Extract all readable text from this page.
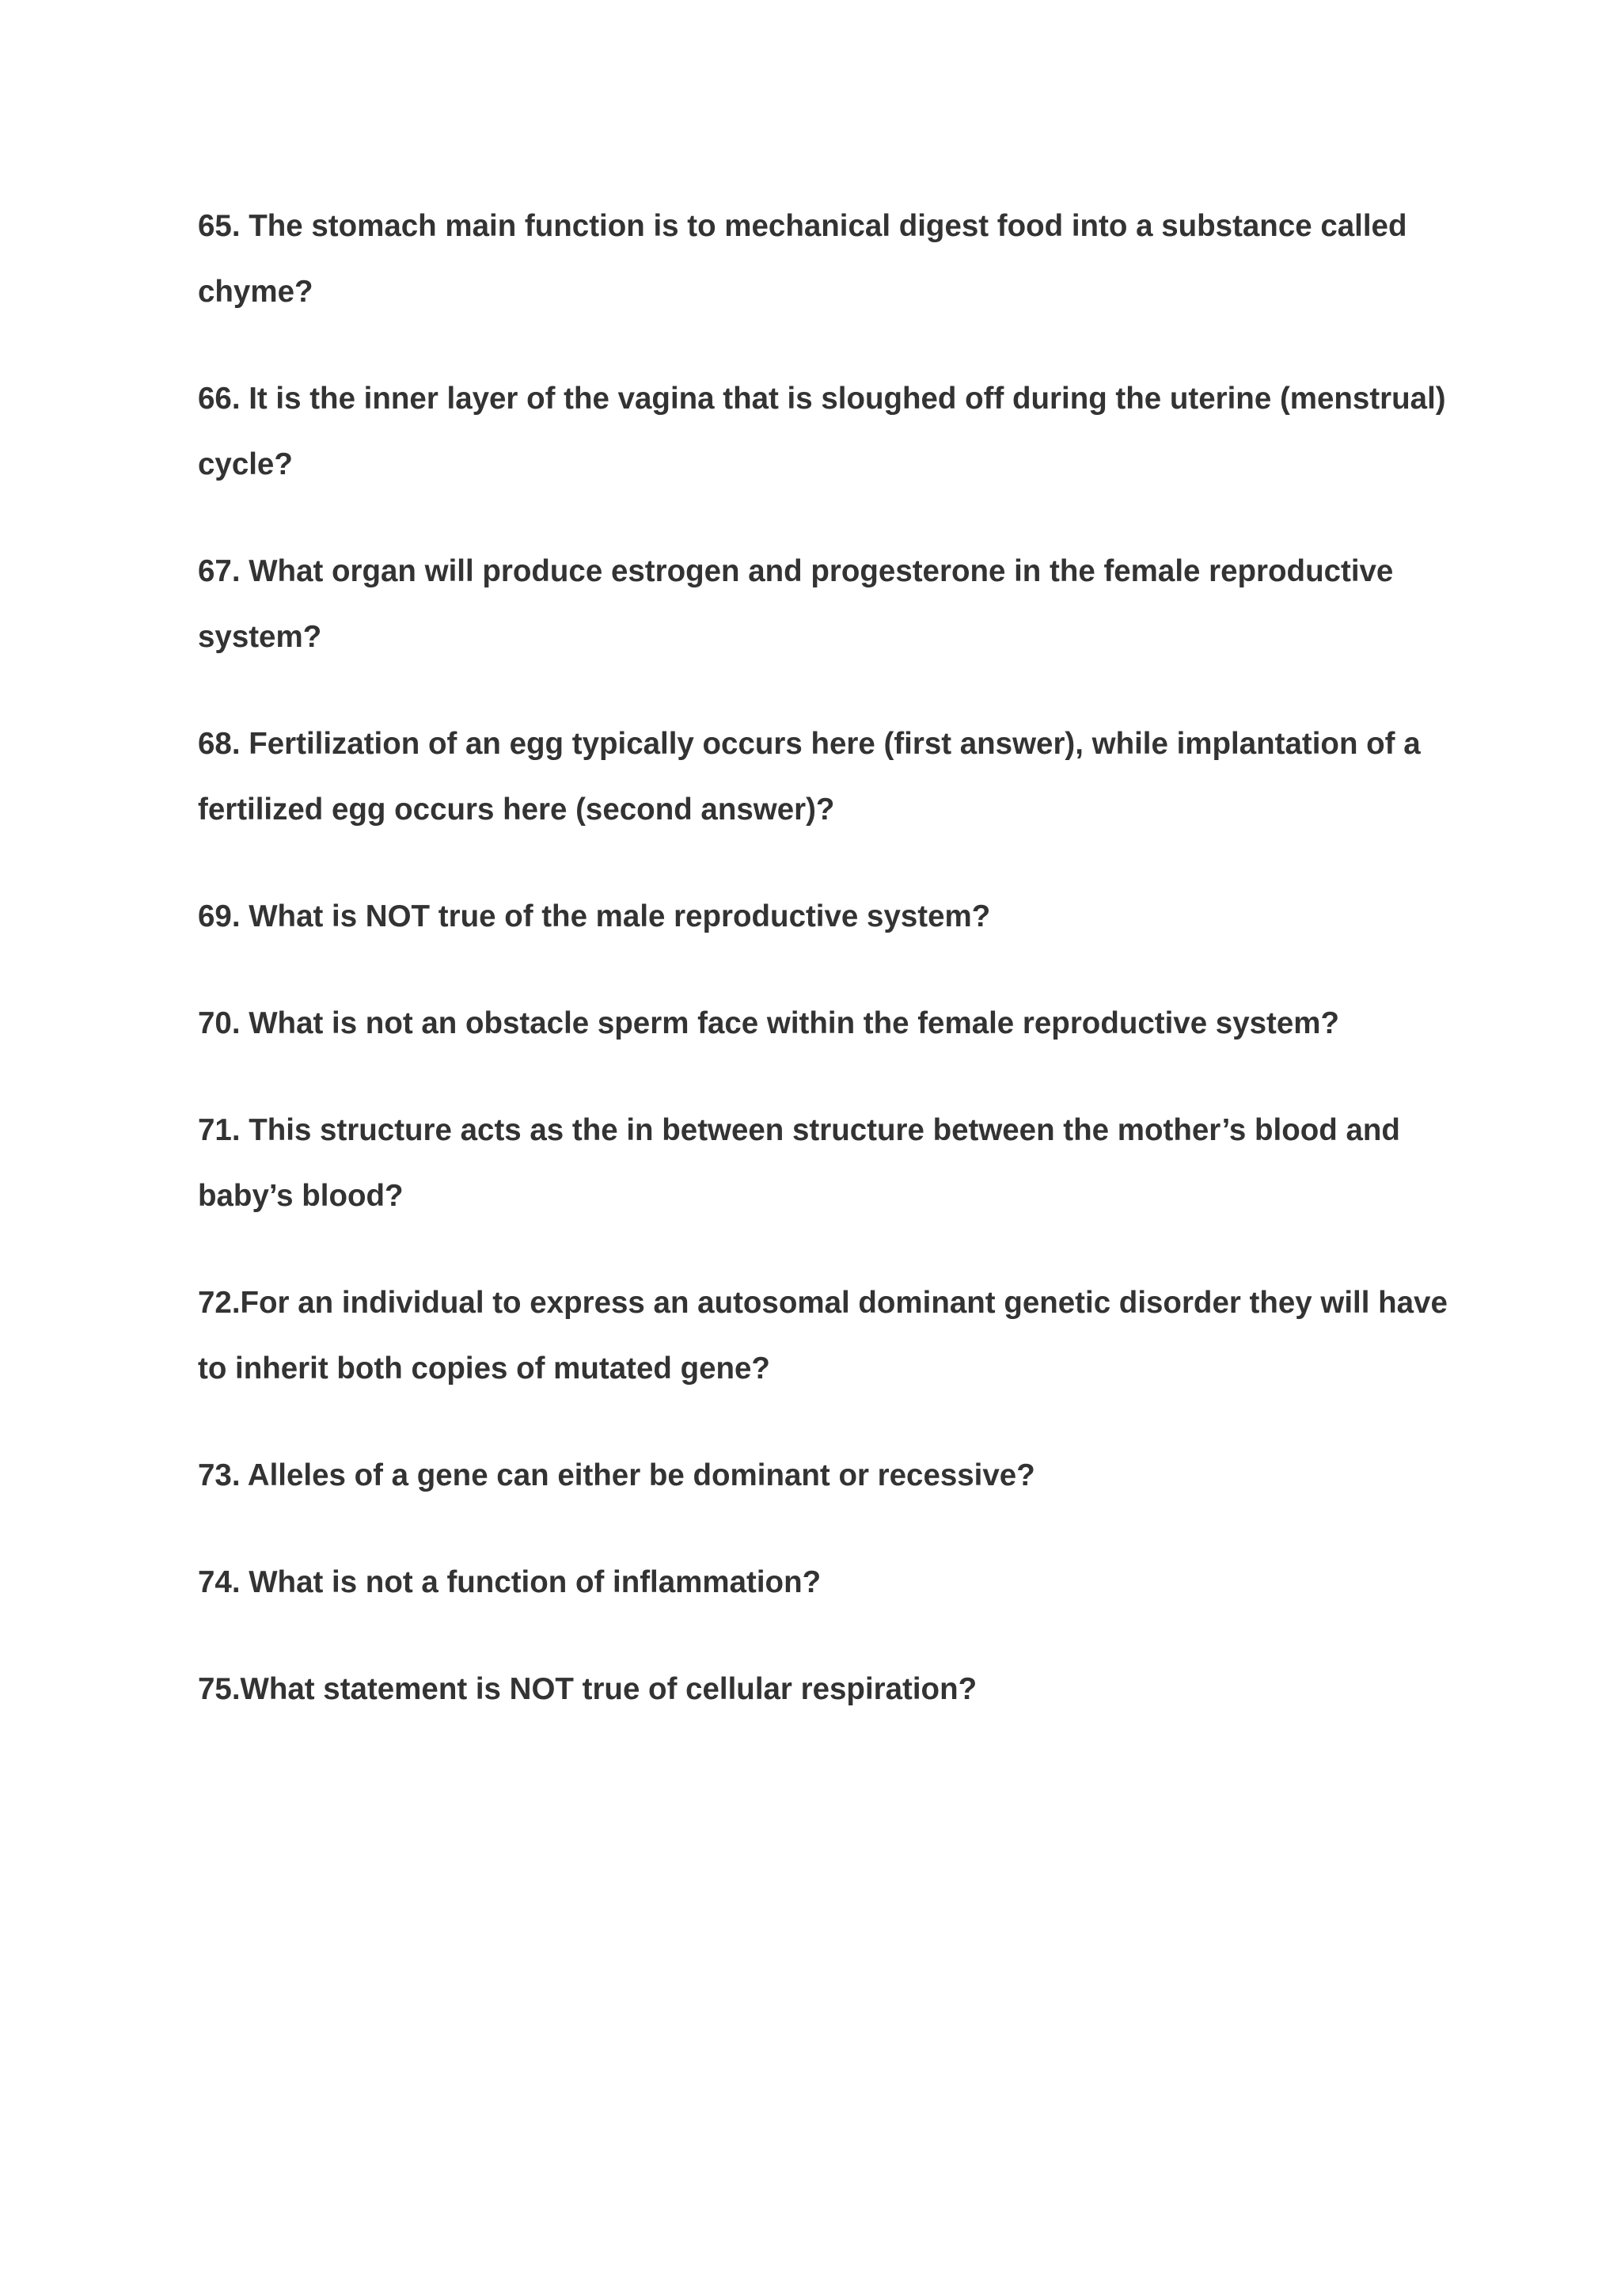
65. The stomach main function is to mechanical digest food into a substance called chyme?
66. It is the inner layer of the vagina that is sloughed off during the uterine (menstrual) cycle?
67. What organ will produce estrogen and progesterone in the female reproductive system?
68. Fertilization of an egg typically occurs here (first answer), while implantation of a fertilized egg occurs here (second answer)?
69. What is NOT true of the male reproductive system?
70. What is not an obstacle sperm face within the female reproductive system?
71. This structure acts as the in between structure between the mother’s blood and baby’s blood?
72.For an individual to express an autosomal dominant genetic disorder they will have to inherit both copies of mutated gene?
73. Alleles of a gene can either be dominant or recessive?
74. What is not a function of inflammation?
75.What statement is NOT true of cellular respiration?
